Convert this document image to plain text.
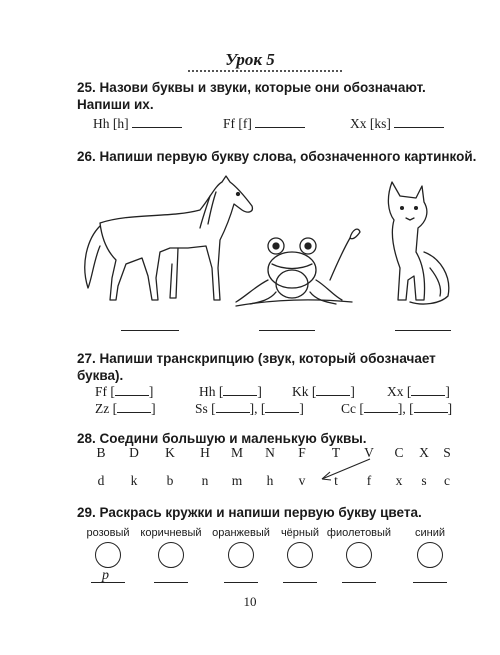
Урок 5
25. Назови буквы и звуки, которые они обозначают.
Напиши их.
Hh [h]	Ff [f]	Xx [ks]
26. Напиши первую букву слова, обозначенного картинкой.
27. Напиши транскрипцию (звук, который обозначает
буква).
Ff [	]	Hh [	] Kk [	] Xx [	]
Zz [	]	Ss [	], [	]	Cc [	], [	]
28. Соедини большую и маленькую буквы.
B	D	K	H	M	N	F	T	V	C	X	S
d	k	b	n	m	h	v	t	f	x	s	c
29. Раскрась кружки и напиши первую букву цвета.
розовый
p
коричневый оранжевый	чёрный фиолетовый	синий
10
